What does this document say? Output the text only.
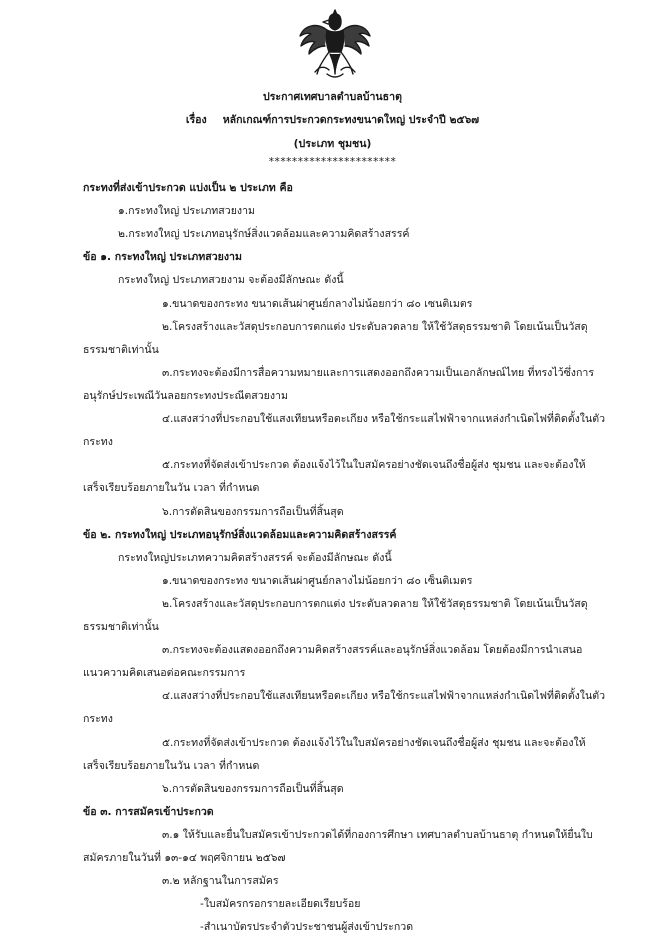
ประกาศเทศบาลตำบลบ้านธาตุ
เรื่อง หลักเกณฑ์การประกวดกระทงขนาดใหญ่ ประจำปี ๒๕๖๗
(ประเภท ชุมชน)
**********************
กระทงที่ส่งเข้าประกวด แบ่งเป็น ๒ ประเภท คือ
๑.กระทงใหญ่ ประเภทสวยงาม
๒.กระทงใหญ่ ประเภทอนุรักษ์สิ่งแวดล้อมและความคิดสร้างสรรค์
ข้อ ๑. กระทงใหญ่ ประเภทสวยงาม
กระทงใหญ่ ประเภทสวยงาม จะต้องมีลักษณะ ดังนี้
๑.ขนาดของกระทง ขนาดเส้นผ่าศูนย์กลางไม่น้อยกว่า ๘๐ เซนติเมตร
๒.โครงสร้างและวัสดุประกอบการตกแต่ง ประดับลวดลาย ให้ใช้วัสดุธรรมชาติ โดยเน้นเป็นวัสดุ
ธรรมชาติเท่านั้น
๓.กระทงจะต้องมีการสื่อความหมายและการแสดงออกถึงความเป็นเอกลักษณ์ไทย ที่ทรงไว้ซึ่งการ
อนุรักษ์ประเพณีวันลอยกระทงประณีตสวยงาม
๔.แสงสว่างที่ประกอบใช้แสงเทียนหรือตะเกียง หรือใช้กระแสไฟฟ้าจากแหล่งกำเนิดไฟที่ติดตั้งในตัว
กระทง
๕.กระทงที่จัดส่งเข้าประกวด ต้องแจ้งไว้ในใบสมัครอย่างชัดเจนถึงชื่อผู้ส่ง ชุมชน และจะต้องให้
เสร็จเรียบร้อยภายในวัน เวลา ที่กำหนด
๖.การตัดสินของกรรมการถือเป็นที่สิ้นสุด
ข้อ ๒. กระทงใหญ่ ประเภทอนุรักษ์สิ่งแวดล้อมและความคิดสร้างสรรค์
กระทงใหญ่ประเภทความคิดสร้างสรรค์ จะต้องมีลักษณะ ดังนี้
๑.ขนาดของกระทง ขนาดเส้นผ่าศูนย์กลางไม่น้อยกว่า ๘๐ เซ็นติเมตร
๒.โครงสร้างและวัสดุประกอบการตกแต่ง ประดับลวดลาย ให้ใช้วัสดุธรรมชาติ โดยเน้นเป็นวัสดุ
ธรรมชาติเท่านั้น
๓.กระทงจะต้องแสดงออกถึงความคิดสร้างสรรค์และอนุรักษ์สิ่งแวดล้อม โดยต้องมีการนำเสนอ
แนวความคิดเสนอต่อคณะกรรมการ
๔.แสงสว่างที่ประกอบใช้แสงเทียนหรือตะเกียง หรือใช้กระแสไฟฟ้าจากแหล่งกำเนิดไฟที่ติดตั้งในตัว
กระทง
๕.กระทงที่จัดส่งเข้าประกวด ต้องแจ้งไว้ในใบสมัครอย่างชัดเจนถึงชื่อผู้ส่ง ชุมชน และจะต้องให้
เสร็จเรียบร้อยภายในวัน เวลา ที่กำหนด
๖.การตัดสินของกรรมการถือเป็นที่สิ้นสุด
ข้อ ๓. การสมัครเข้าประกวด
๓.๑ ให้รับและยื่นใบสมัครเข้าประกวดได้ที่กองการศึกษา เทศบาลตำบลบ้านธาตุ กำหนดให้ยื่นใบ
สมัครภายในวันที่ ๑๓-๑๔ พฤศจิกายน ๒๕๖๗
๓.๒ หลักฐานในการสมัคร
-ใบสมัครกรอกรายละเอียดเรียบร้อย
-สำเนาบัตรประจำตัวประชาชนผู้ส่งเข้าประกวด
